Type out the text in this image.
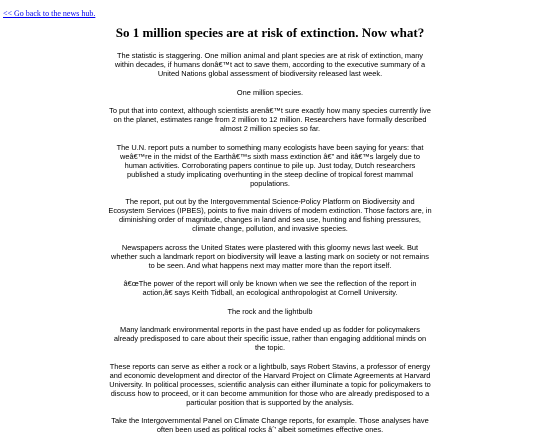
<< Go back to the news hub.
So 1 million species are at risk of extinction. Now what?

The statistic is staggering. One million animal and plant species are at risk of extinction, many within decades, if humans donâ€™t act to save them, according to the executive summary of a United Nations global assessment of biodiversity released last week.

One million species.

To put that into context, although scientists arenâ€™t sure exactly how many species currently live on the planet, estimates range from 2 million to 12 million. Researchers have formally described almost 2 million species so far.

The U.N. report puts a number to something many ecologists have been saying for years: that weâ€™re in the midst of the Earthâ€™s sixth mass extinction â€” and itâ€™s largely due to human activities. Corroborating papers continue to pile up. Just today, Dutch researchers published a study implicating overhunting in the steep decline of tropical forest mammal populations.

The report, put out by the Intergovernmental Science-Policy Platform on Biodiversity and Ecosystem Services (IPBES), points to five main drivers of modern extinction. Those factors are, in diminishing order of magnitude, changes in land and sea use, hunting and fishing pressures, climate change, pollution, and invasive species.

Newspapers across the United States were plastered with this gloomy news last week. But whether such a landmark report on biodiversity will leave a lasting mark on society or not remains to be seen. And what happens next may matter more than the report itself.

â€œThe power of the report will only be known when we see the reflection of the report in action,â€ says Keith Tidball, an ecological anthropologist at Cornell University.

The rock and the lightbulb

Many landmark environmental reports in the past have ended up as fodder for policymakers already predisposed to care about their specific issue, rather than engaging additional minds on the topic.

These reports can serve as either a rock or a lightbulb, says Robert Stavins, a professor of energy and economic development and director of the Harvard Project on Climate Agreements at Harvard University. In political processes, scientific analysis can either illuminate a topic for policymakers to discuss how to proceed, or it can become ammunition for those who are already predisposed to a particular position that is supported by the analysis.

Take the Intergovernmental Panel on Climate Change reports, for example. Those analyses have often been used as political rocks âˆ’ albeit sometimes effective ones.
